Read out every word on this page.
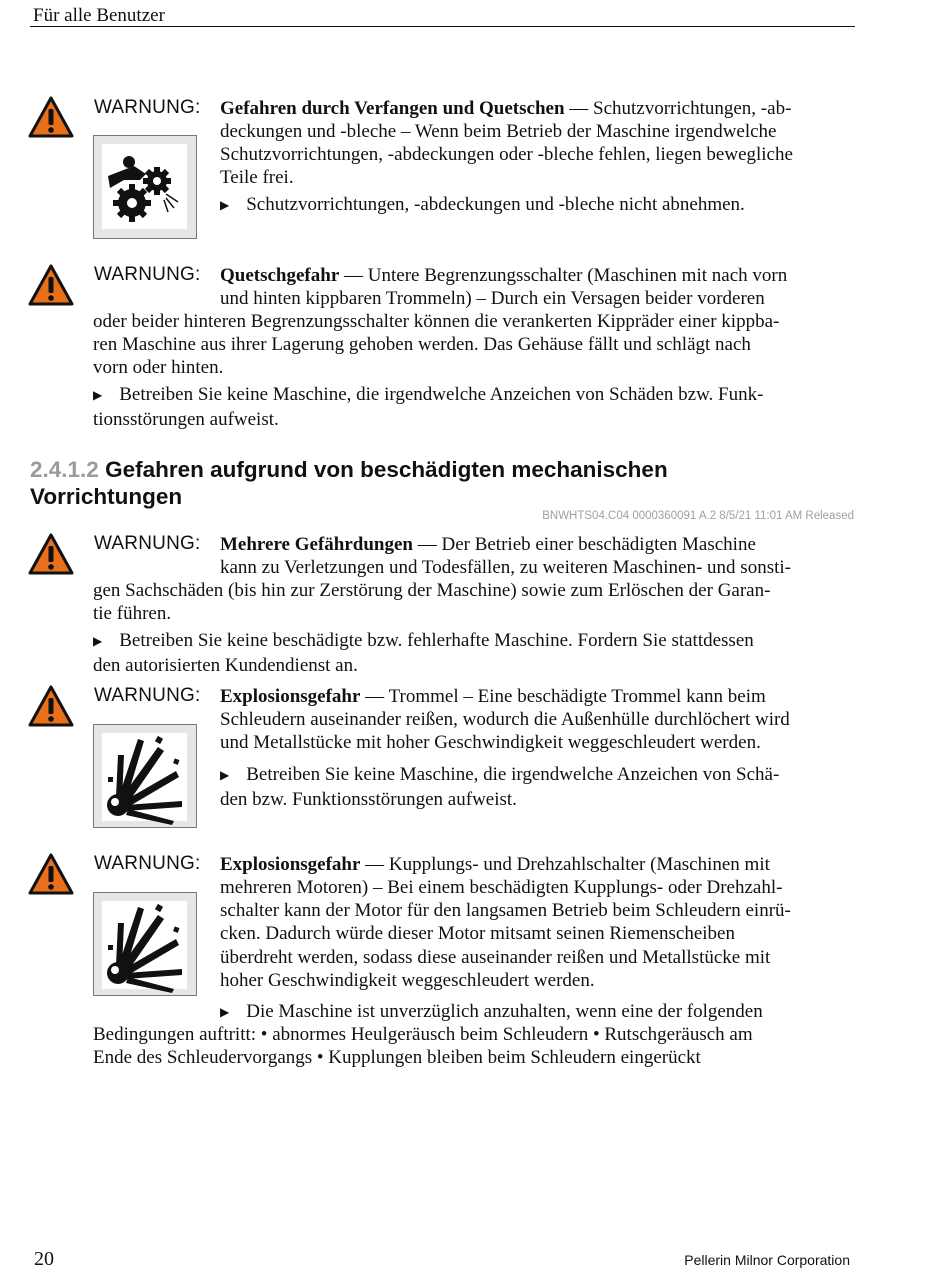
Für alle Benutzer
WARNUNG: Gefahren durch Verfangen und Quetschen — Schutzvorrichtungen, -ab-
deckungen und -bleche – Wenn beim Betrieb der Maschine irgendwelche
Schutzvorrichtungen, -abdeckungen oder -bleche fehlen, liegen bewegliche
Teile frei.
▶ Schutzvorrichtungen, -abdeckungen und -bleche nicht abnehmen.
WARNUNG: Quetschgefahr — Untere Begrenzungsschalter (Maschinen mit nach vorn
und hinten kippbaren Trommeln) – Durch ein Versagen beider vorderen
oder beider hinteren Begrenzungsschalter können die verankerten Kippräder einer kippba-
ren Maschine aus ihrer Lagerung gehoben werden. Das Gehäuse fällt und schlägt nach
vorn oder hinten.
▶ Betreiben Sie keine Maschine, die irgendwelche Anzeichen von Schäden bzw. Funk-
tionsstörungen aufweist.
2.4.1.2 Gefahren aufgrund von beschädigten mechanischen
Vorrichtungen
BNWHTS04.C04 0000360091 A.2 8/5/21 11:01 AM Released
WARNUNG: Mehrere Gefährdungen — Der Betrieb einer beschädigten Maschine
kann zu Verletzungen und Todesfällen, zu weiteren Maschinen- und sonsti-
gen Sachschäden (bis hin zur Zerstörung der Maschine) sowie zum Erlöschen der Garan-
tie führen.
▶ Betreiben Sie keine beschädigte bzw. fehlerhafte Maschine. Fordern Sie stattdessen
den autorisierten Kundendienst an.
WARNUNG: Explosionsgefahr — Trommel – Eine beschädigte Trommel kann beim
Schleudern auseinander reißen, wodurch die Außenhülle durchlöchert wird
und Metallstücke mit hoher Geschwindigkeit weggeschleudert werden.
▶ Betreiben Sie keine Maschine, die irgendwelche Anzeichen von Schä-
den bzw. Funktionsstörungen aufweist.
WARNUNG: Explosionsgefahr — Kupplungs- und Drehzahlschalter (Maschinen mit
mehreren Motoren) – Bei einem beschädigten Kupplungs- oder Drehzahl-
schalter kann der Motor für den langsamen Betrieb beim Schleudern einrü-
cken. Dadurch würde dieser Motor mitsamt seinen Riemenscheiben
überdreht werden, sodass diese auseinander reißen und Metallstücke mit
hoher Geschwindigkeit weggeschleudert werden.
▶ Die Maschine ist unverzüglich anzuhalten, wenn eine der folgenden
Bedingungen auftritt: • abnormes Heulgeräusch beim Schleudern • Rutschgeräusch am
Ende des Schleudervorgangs • Kupplungen bleiben beim Schleudern eingerückt
20	Pellerin Milnor Corporation
